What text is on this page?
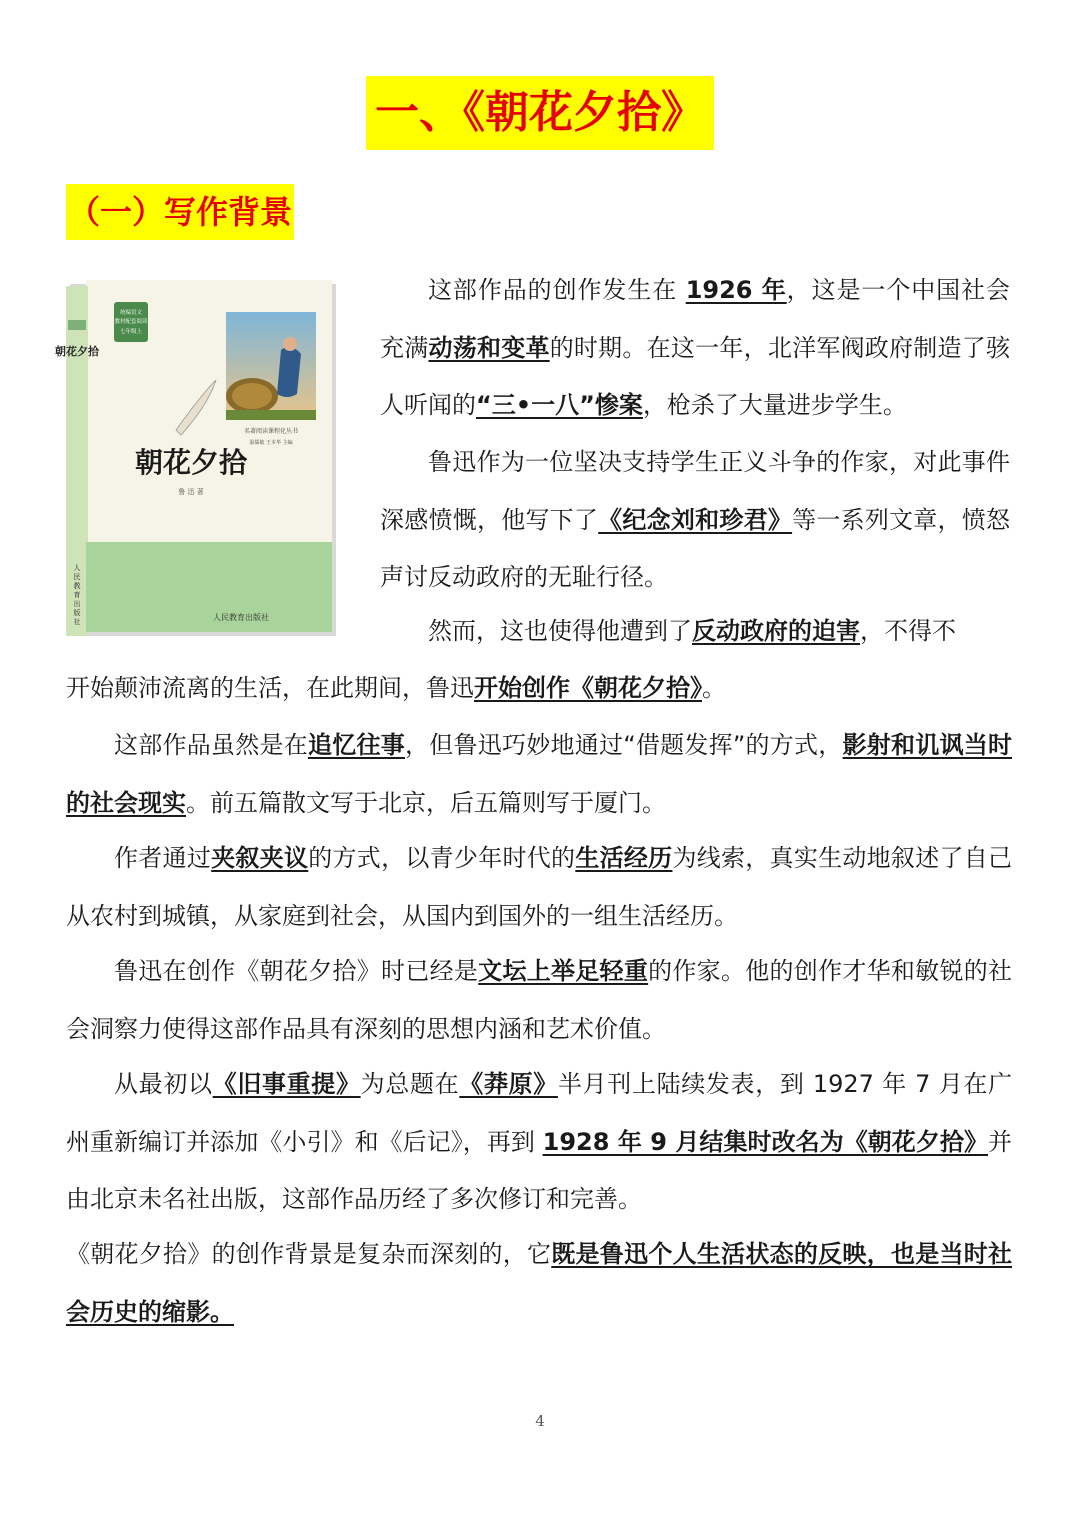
一、《朝花夕拾》
（一）写作背景
朝花夕拾
统编语文
教材配套阅读
七年级上
名著阅读课程化丛书
温儒敏 王本华 主编
朝花夕拾
鲁 迅 著
人民教育出版社
人民教育出版社

这部作品的创作发生在 1926 年，这是一个中国社会充满动荡和变革的时期。在这一年，北洋军阀政府制造了骇人听闻的“三•一八”惨案，枪杀了大量进步学生。

鲁迅作为一位坚决支持学生正义斗争的作家，对此事件深感愤慨，他写下了《纪念刘和珍君》等一系列文章，愤怒声讨反动政府的无耻行径。

然而，这也使得他遭到了反动政府的迫害，不得不

开始颠沛流离的生活，在此期间，鲁迅开始创作《朝花夕拾》。

这部作品虽然是在追忆往事，但鲁迅巧妙地通过“借题发挥”的方式，影射和讥讽当时的社会现实。前五篇散文写于北京，后五篇则写于厦门。

作者通过夹叙夹议的方式，以青少年时代的生活经历为线索，真实生动地叙述了自己从农村到城镇，从家庭到社会，从国内到国外的一组生活经历。

鲁迅在创作《朝花夕拾》时已经是文坛上举足轻重的作家。他的创作才华和敏锐的社会洞察力使得这部作品具有深刻的思想内涵和艺术价值。

从最初以《旧事重提》为总题在《莽原》半月刊上陆续发表，到 1927 年 7 月在广州重新编订并添加《小引》和《后记》，再到 1928 年 9 月结集时改名为《朝花夕拾》并由北京未名社出版，这部作品历经了多次修订和完善。

《朝花夕拾》的创作背景是复杂而深刻的，它既是鲁迅个人生活状态的反映，也是当时社会历史的缩影。

4
